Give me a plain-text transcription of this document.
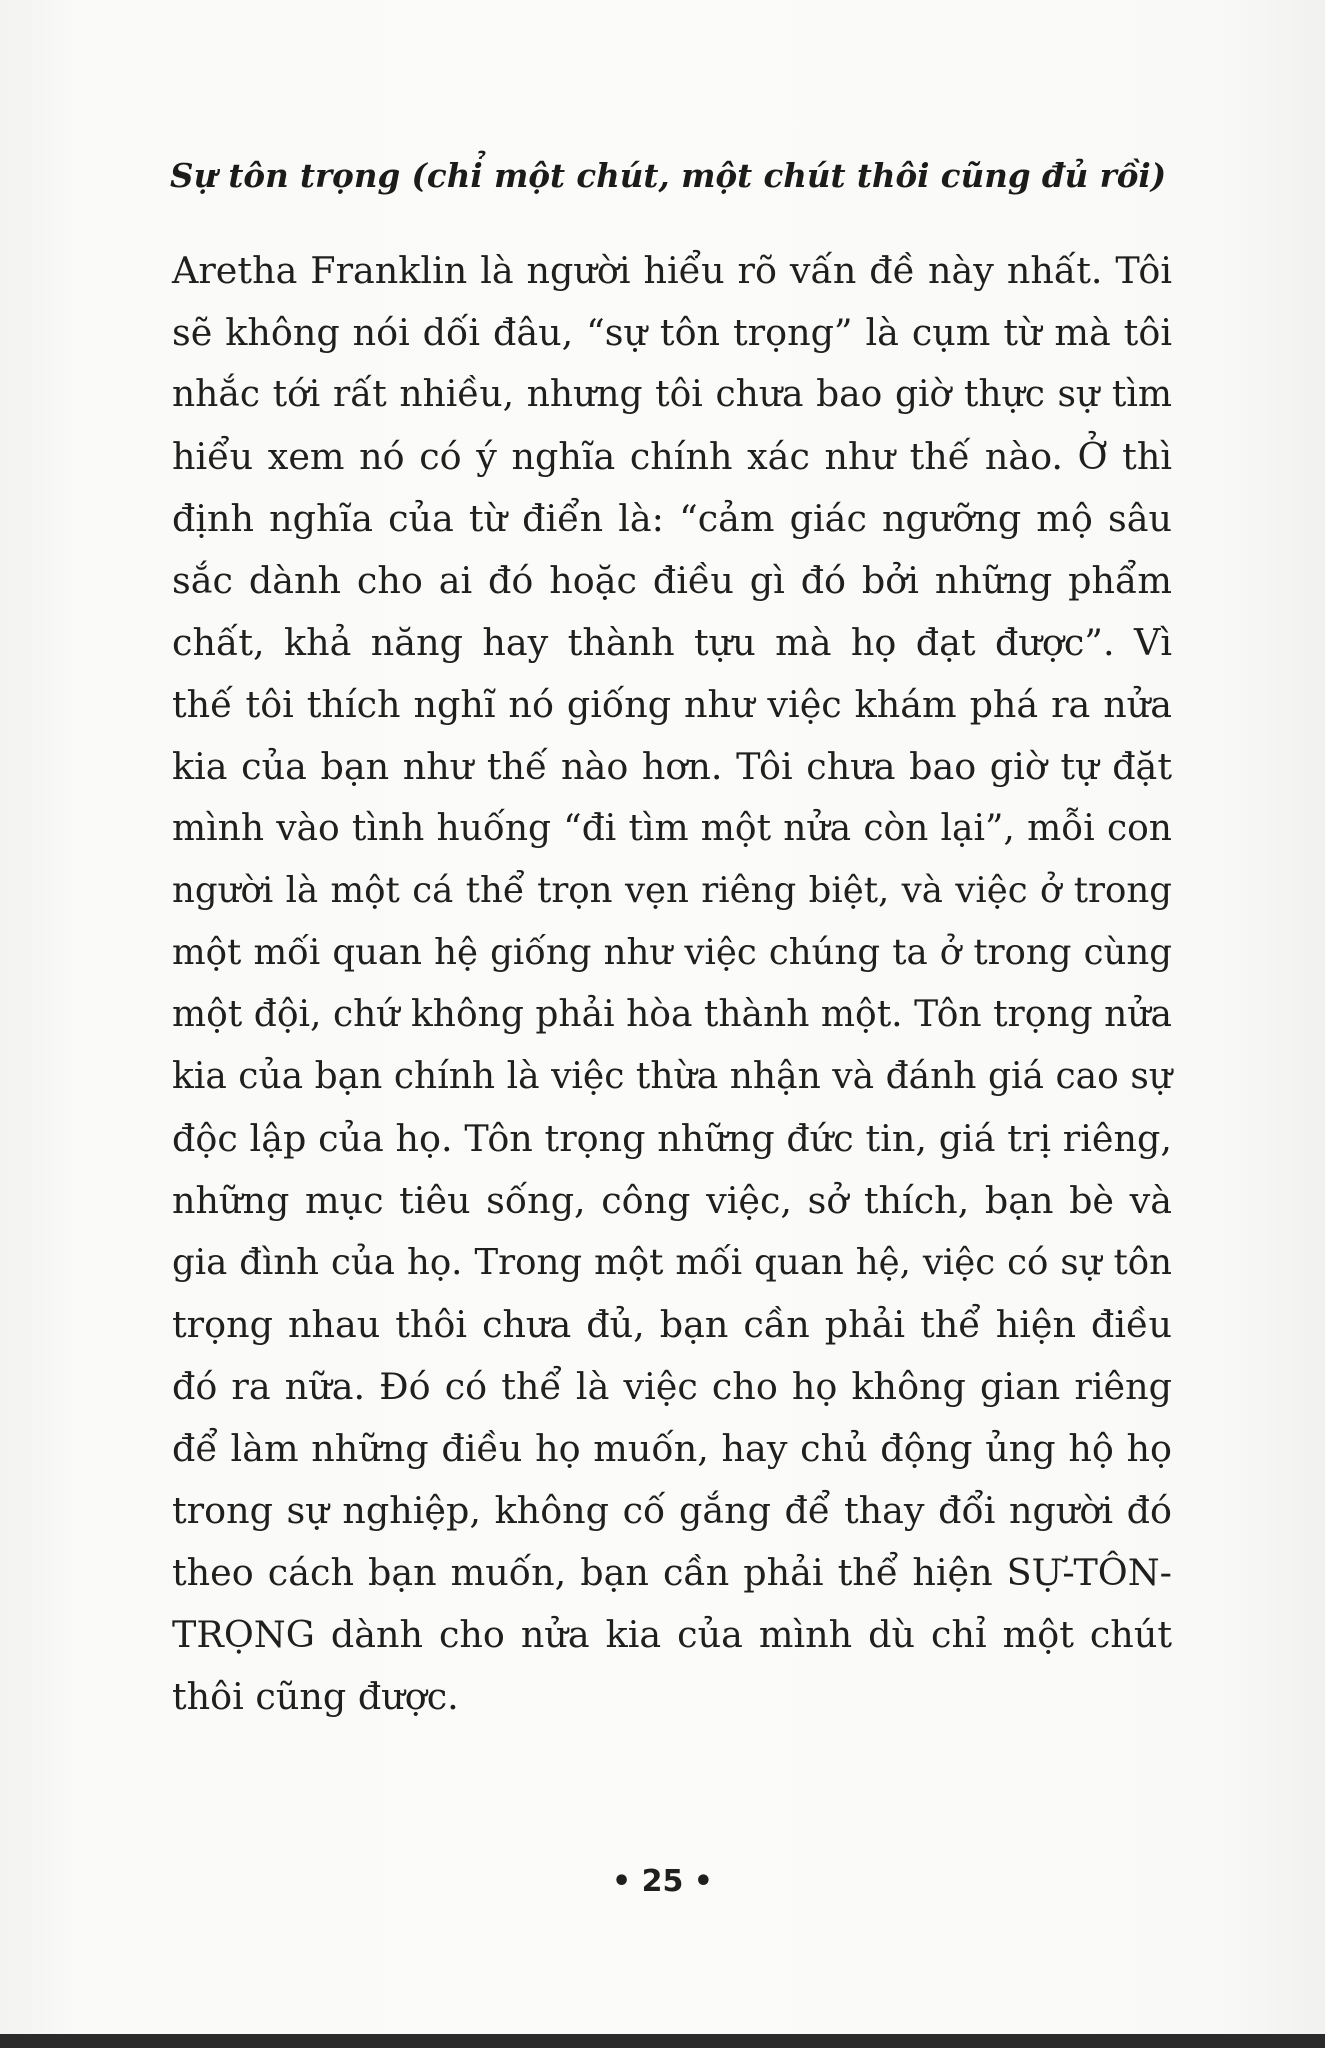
Sự tôn trọng (chỉ một chút, một chút thôi cũng đủ rồi)
Aretha Franklin là người hiểu rõ vấn đề này nhất. Tôi
sẽ không nói dối đâu, “sự tôn trọng” là cụm từ mà tôi
nhắc tới rất nhiều, nhưng tôi chưa bao giờ thực sự tìm
hiểu xem nó có ý nghĩa chính xác như thế nào. Ở thì
định nghĩa của từ điển là: “cảm giác ngưỡng mộ sâu
sắc dành cho ai đó hoặc điều gì đó bởi những phẩm
chất, khả năng hay thành tựu mà họ đạt được”. Vì
thế tôi thích nghĩ nó giống như việc khám phá ra nửa
kia của bạn như thế nào hơn. Tôi chưa bao giờ tự đặt
mình vào tình huống “đi tìm một nửa còn lại”, mỗi con
người là một cá thể trọn vẹn riêng biệt, và việc ở trong
một mối quan hệ giống như việc chúng ta ở trong cùng
một đội, chứ không phải hòa thành một. Tôn trọng nửa
kia của bạn chính là việc thừa nhận và đánh giá cao sự
độc lập của họ. Tôn trọng những đức tin, giá trị riêng,
những mục tiêu sống, công việc, sở thích, bạn bè và
gia đình của họ. Trong một mối quan hệ, việc có sự tôn
trọng nhau thôi chưa đủ, bạn cần phải thể hiện điều
đó ra nữa. Đó có thể là việc cho họ không gian riêng
để làm những điều họ muốn, hay chủ động ủng hộ họ
trong sự nghiệp, không cố gắng để thay đổi người đó
theo cách bạn muốn, bạn cần phải thể hiện SỰ-TÔN-
TRỌNG dành cho nửa kia của mình dù chỉ một chút
thôi cũng được.
• 25 •
